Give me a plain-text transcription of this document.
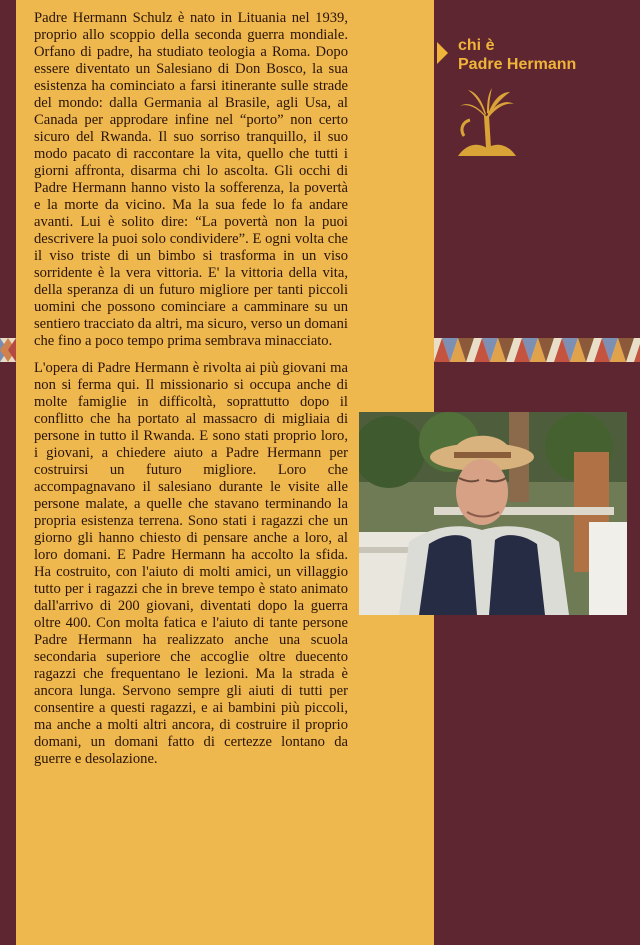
Padre Hermann Schulz è nato in Lituania nel 1939, proprio allo scoppio della seconda guerra mondiale. Orfano di padre, ha studiato teologia a Roma. Dopo essere diventato un Salesiano di Don Bosco, la sua esistenza ha cominciato a farsi itinerante sulle strade del mondo: dalla Germania al Brasile, agli Usa, al Canada per approdare infine nel “porto” non certo sicuro del Rwanda. Il suo sorriso tranquillo, il suo modo pacato di raccontare la vita, quello che tutti i giorni affronta, disarma chi lo ascolta. Gli occhi di Padre Hermann hanno visto la sofferenza, la povertà e la morte da vicino. Ma la sua fede lo fa andare avanti. Lui è solito dire: “La povertà non la puoi descrivere la puoi solo condividere”. E ogni volta che il viso triste di un bimbo si trasforma in un viso sorridente è la vera vittoria. E' la vittoria della vita, della speranza di un futuro migliore per tanti piccoli uomini che possono cominciare a camminare su un sentiero tracciato da altri, ma sicuro, verso un domani che fino a poco tempo prima sembrava minacciato.

L'opera di Padre Hermann è rivolta ai più giovani ma non si ferma qui. Il missionario si occupa anche di molte famiglie in difficoltà, soprattutto dopo il conflitto che ha portato al massacro di migliaia di persone in tutto il Rwanda. E sono stati proprio loro, i giovani, a chiedere aiuto a Padre Hermann per costruirsi un futuro migliore. Loro che accompagnavano il salesiano durante le visite alle persone malate, a quelle che stavano terminando la propria esistenza terrena. Sono stati i ragazzi che un giorno gli hanno chiesto di pensare anche a loro, al loro domani. E Padre Hermann ha accolto la sfida. Ha costruito, con l'aiuto di molti amici, un villaggio tutto per i ragazzi che in breve tempo è stato animato dall'arrivo di 200 giovani, diventati dopo la guerra oltre 400. Con molta fatica e l'aiuto di tante persone Padre Hermann ha realizzato anche una scuola secondaria superiore che accoglie oltre duecento ragazzi che frequentano le lezioni. Ma la strada è ancora lunga. Servono sempre gli aiuti di tutti per consentire a questi ragazzi, e ai bambini più piccoli, ma anche a molti altri ancora, di costruire il proprio domani, un domani fatto di certezze lontano da guerre e desolazione.

chi è
Padre Hermann
